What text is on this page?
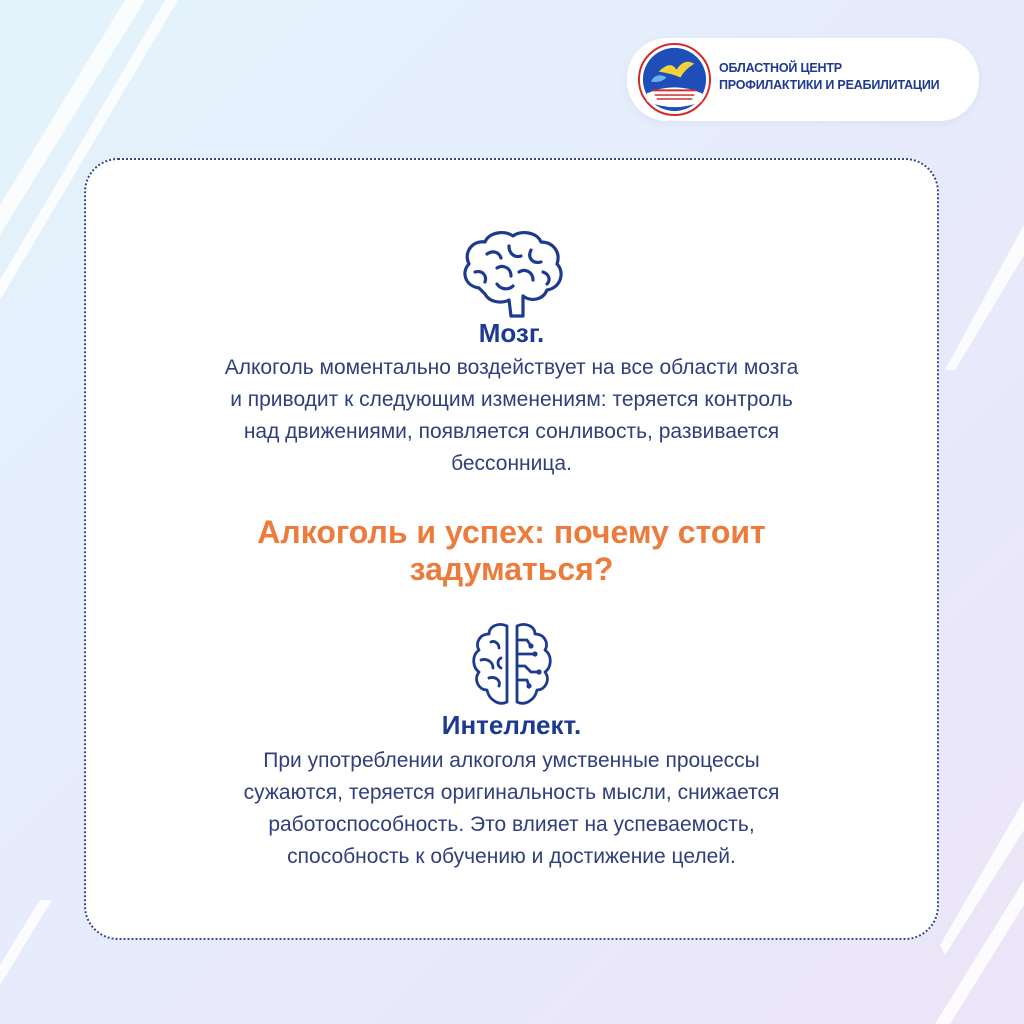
ОБЛАСТНОЙ ЦЕНТР
ПРОФИЛАКТИКИ И РЕАБИЛИТАЦИИ
Мозг.
Алкоголь моментально воздействует на все области мозга
и приводит к следующим изменениям: теряется контроль
над движениями, появляется сонливость, развивается
бессонница.
Алкоголь и успех: почему стоит
задуматься?
Интеллект.
При употреблении алкоголя умственные процессы
сужаются, теряется оригинальность мысли, снижается
работоспособность. Это влияет на успеваемость,
способность к обучению и достижение целей.
